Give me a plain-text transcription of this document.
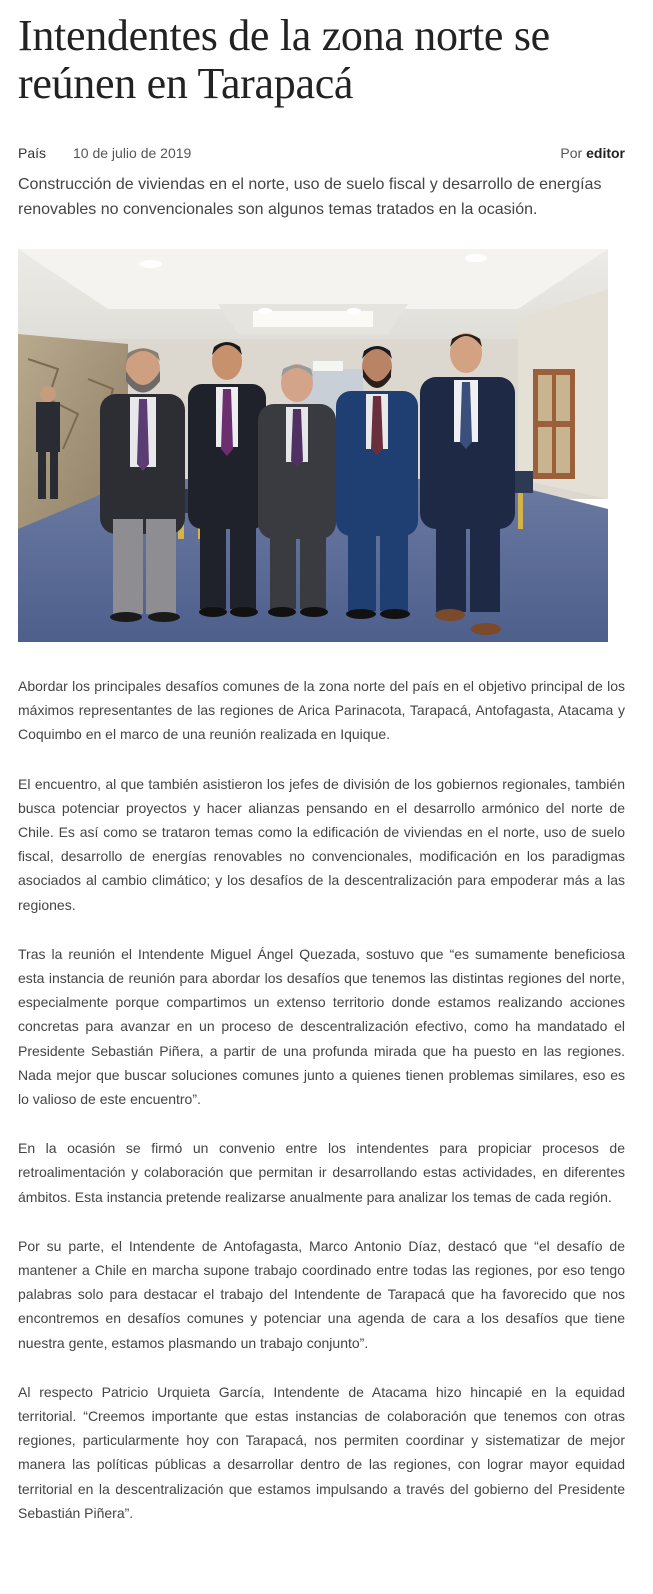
Intendentes de la zona norte se reúnen en Tarapacá
País 10 de julio de 2019	Por editor

Construcción de viviendas en el norte, uso de suelo fiscal y desarrollo de energías renovables no convencionales son algunos temas tratados en la ocasión.

Abordar los principales desafíos comunes de la zona norte del país en el objetivo principal de los máximos representantes de las regiones de Arica Parinacota, Tarapacá, Antofagasta, Atacama y Coquimbo en el marco de una reunión realizada en Iquique.

El encuentro, al que también asistieron los jefes de división de los gobiernos regionales, también busca potenciar proyectos y hacer alianzas pensando en el desarrollo armónico del norte de Chile. Es así como se trataron temas como la edificación de viviendas en el norte, uso de suelo fiscal, desarrollo de energías renovables no convencionales, modificación en los paradigmas asociados al cambio climático; y los desafíos de la descentralización para empoderar más a las regiones.

Tras la reunión el Intendente Miguel Ángel Quezada, sostuvo que “es sumamente beneficiosa esta instancia de reunión para abordar los desafíos que tenemos las distintas regiones del norte, especialmente porque compartimos un extenso territorio donde estamos realizando acciones concretas para avanzar en un proceso de descentralización efectivo, como ha mandatado el Presidente Sebastián Piñera, a partir de una profunda mirada que ha puesto en las regiones. Nada mejor que buscar soluciones comunes junto a quienes tienen problemas similares, eso es lo valioso de este encuentro”.

En la ocasión se firmó un convenio entre los intendentes para propiciar procesos de retroalimentación y colaboración que permitan ir desarrollando estas actividades, en diferentes ámbitos. Esta instancia pretende realizarse anualmente para analizar los temas de cada región.

Por su parte, el Intendente de Antofagasta, Marco Antonio Díaz, destacó que “el desafío de mantener a Chile en marcha supone trabajo coordinado entre todas las regiones, por eso tengo palabras solo para destacar el trabajo del Intendente de Tarapacá que ha favorecido que nos encontremos en desafíos comunes y potenciar una agenda de cara a los desafíos que tiene nuestra gente, estamos plasmando un trabajo conjunto”.

Al respecto Patricio Urquieta García, Intendente de Atacama hizo hincapié en la equidad territorial. “Creemos importante que estas instancias de colaboración que tenemos con otras regiones, particularmente hoy con Tarapacá, nos permiten coordinar y sistematizar de mejor manera las políticas públicas a desarrollar dentro de las regiones, con lograr mayor equidad territorial en la descentralización que estamos impulsando a través del gobierno del Presidente Sebastián Piñera”.
